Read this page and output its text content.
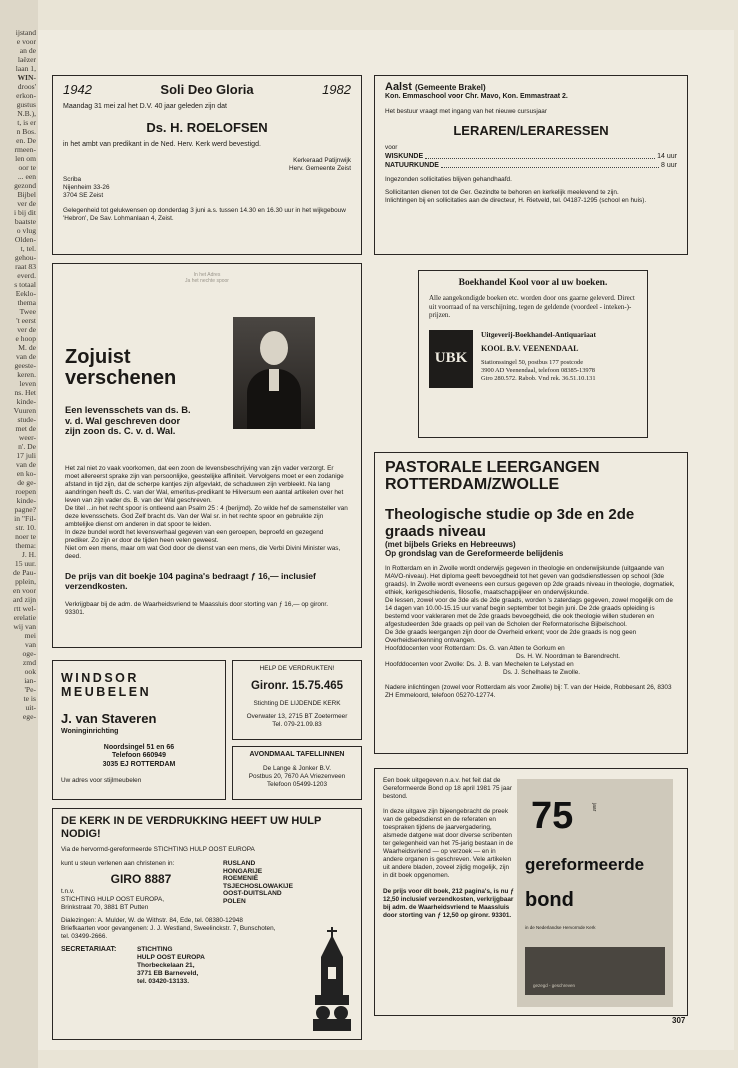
ijstand
e voor
an de
laëzer
laan 1,
WIN-
droos'
erkon-
gustus
N.B.),
t, is er
n Bos.
en. De
rmeen-
len om
oor te
... een
gezond
Bijbel
ver de
i bij dit
baatste
o vlug
Olden-
t, tel.
gehou-
raat 83
everd.
s totaal
Eeklo-
thema
Twee
't eerst
ver de
e hoop
M. de
van de
geeste-
keren.
leven
ns. Het
kinde-
Vuuren
stude-
met de
weer-
n'. De
17 juli
van de
en ko-
de ge-
roepen
kinde-
pagne?
in "Fil-
str. 10.
noer te
thema:
J. H.
15 uur.
de Pau-
pplein,
en voor
ard zijn
rtt wel-
erelatie
wij van
mei
van
oge-
zmd
ook
ian-
'Pe-
te is
uit-
ege-
1942	Soli Deo Gloria	1982

Maandag 31 mei zal het D.V. 40 jaar geleden zijn dat

Ds. H. ROELOFSEN

in het ambt van predikant in de Ned. Herv. Kerk werd bevestigd.

Kerkeraad Patijnwijk

Herv. Gemeente Zeist

Scriba

Nijenheim 33-26

3704 SE Zeist

Gelegenheid tot gelukwensen op donderdag 3 juni a.s. tussen 14.30 en 16.30 uur in het wijkgebouw 'Hebron', De Sav. Lohmanlaan 4, Zeist.

Aalst (Gemeente Brakel)

Kon. Emmaschool voor Chr. Mavo, Kon. Emmastraat 2.

Het bestuur vraagt met ingang van het nieuwe cursusjaar

LERAREN/LERARESSEN

voor

WISKUNDE	14 uur
NATUURKUNDE	8 uur

Ingezonden sollicitaties blijven gehandhaafd.

Sollicitanten dienen tot de Ger. Gezindte te behoren en kerkelijk meelevend te zijn.

Inlichtingen bij en sollicitaties aan de directeur, H. Rietveld, tel. 04187-1295 (school en huis).

Boekhandel Kool voor al uw boeken.

Alle aangekondigde boeken etc. worden door ons gaarne geleverd. Direct uit voorraad of na verschijning, tegen de geldende (voordeel - inteken-)-prijzen.

UBK

Uitgeverij-Boekhandel-Antiquariaat

KOOL B.V. VEENENDAAL

Stationssingel 50, postbus 177 postcode

3900 AD Veenendaal, telefoon 08385-13978

Giro 280.572. Rabob. Vnd rek. 36.51.10.131

In het Adres

Ja het nechte spoor

Zojuist

verschenen

Een levensschets van ds. B. v. d. Wal geschreven door zijn zoon ds. C. v. d. Wal.

Het zal niet zo vaak voorkomen, dat een zoon de levensbeschrijving van zijn vader verzorgt. Er moet allereerst sprake zijn van persoonlijke, geestelijke affiniteit. Vervolgens moet er een zodanige afstand in tijd zijn, dat de scherpe kantjes zijn afgevlakt, de schaduwen zijn verbleekt. Na lang aandringen heeft ds. C. van der Wal, emeritus-predikant te Hilversum een aantal artikelen over het leven van zijn vader ds. B. van der Wal geschreven.
De titel ...in het recht spoor is ontleend aan Psalm 25 : 4 (berijmd). Zo wilde hef de samensteller van deze levensschets. God Zelf bracht ds. Van der Wal sr. in het rechte spoor en gebruikte zijn ambtelijke dienst om anderen in dat spoor te leiden.
In deze bundel wordt het levensverhaal gegeven van een geroepen, beproefd en gezegend prediker. Zo zijn er door de tijden heen velen geweest.
Niet om een mens, maar om wat God door de dienst van een mens, die Verbi Divini Minister was, deed.

De prijs van dit boekje 104 pagina's bedraagt ƒ 16,— inclusief verzendkosten.

Verkrijgbaar bij de adm. de Waarheidsvriend te Maassluis door storting van ƒ 16,— op gironr. 93301.

PASTORALE LEERGANGEN ROTTERDAM/ZWOLLE

Theologische studie op 3de en 2de graads niveau

(met bijbels Grieks en Hebreeuws)

Op grondslag van de Gereformeerde belijdenis

In Rotterdam en in Zwolle wordt onderwijs gegeven in theologie en onderwijskunde (uitgaande van MAVO-niveau). Het diploma geeft bevoegdheid tot het geven van godsdienstlessen op school (3de graads). In Zwolle wordt eveneens een cursus gegeven op 2de graads niveau in theologie, dogmatiek, ethiek, kerkgeschiedenis, filosofie, maatschappijleer en onderwijskunde.
De lessen, zowel voor de 3de als de 2de graads, worden 's zaterdags gegeven, zowel mogelijk om de 14 dagen van 10.00-15.15 uur vanaf begin september tot begin juni. De 2de graads opleiding is bestemd voor vakleraren met de 2de graads bevoegdheid, die ook theologie willen studeren en afgestudeerden 3de graads op peil van de Scholen der Reformatorische Bijbelschool.
De 3de graads leergangen zijn door de Overheid erkent; voor de 2de graads is nog geen Overheidserkenning ontvangen.

Hoofddocenten voor Rotterdam: Ds. G. van Atten te Gorkum en

Ds. H. W. Noordman te Barendrecht.

Hoofddocenten voor Zwolle: Ds. J. B. van Mechelen te Lelystad en

Ds. J. Schelhaas te Zwolle.

Nadere inlichtingen (zowel voor Rotterdam als voor Zwolle) bij: T. van der Heide, Robbesant 26, 8303 ZH Emmeloord, telefoon 05270-12774.

WINDSOR

MEUBELEN

J. van Staveren

Woninginrichting

Noordsingel 51 en 66

Telefoon 660949

3035 EJ ROTTERDAM

Uw adres voor stijlmeubelen

HELP DE VERDRUKTEN!

Gironr. 15.75.465

Stichting DE LIJDENDE KERK

Overwater 13, 2715 BT Zoetermeer

Tel. 079-21.09.83

AVONDMAAL TAFELLINNEN

De Lange & Jonker B.V.

Postbus 20, 7670 AA Vriezenveen

Telefoon 05499-1203

DE KERK IN DE VERDRUKKING HEEFT UW HULP NODIG!

Via de hervormd-gereformeerde STICHTING HULP OOST EUROPA

kunt u steun verlenen aan christenen in:

GIRO 8887

t.n.v.

STICHTING HULP OOST EUROPA,

Brinkstraat 70, 3881 BT Putten

RUSLAND

HONGARIJE

ROEMENIË

TSJECHOSLOWAKIJE

OOST-DUITSLAND

POLEN

Dialezingen: A. Mulder, W. de Withstr. 84, Ede, tel. 08380-12948

Briefkaarten voor gevangenen: J. J. Westland, Sweelinckstr. 7, Bunschoten, tel. 03499-2666.

SECRETARIAAT:	STICHTING

HULP OOST EUROPA

Thorbeckelaan 21,

3771 EB Barneveld,

tel. 03420-13133.

Een boek uitgegeven n.a.v. het feit dat de Gereformeerde Bond op 18 april 1981 75 jaar bestond.

In deze uitgave zijn bijeengebracht de preek van de gebedsdienst en de referaten en toespraken tijdens de jaarvergadering, alsmede datgene wat door diverse scribenten ter gelegenheid van het 75-jarig bestaan in de Waarheidsvriend — op verzoek — en in andere organen is geschreven. Vele artikelen uit andere bladen, zoveel zijdig mogelijk, zijn in dit boek opgenomen.

De prijs voor dit boek, 212 pagina's, is nu ƒ 12,50 inclusief verzendkosten, verkrijgbaar bij adm. de Waarheidsvriend te Maassluis door storting van ƒ 12,50 op gironr. 93301.

75	jaar
gereformeerde
bond
in de Nederlandse Hervormde Kerk
gezegd - geschreven
307
